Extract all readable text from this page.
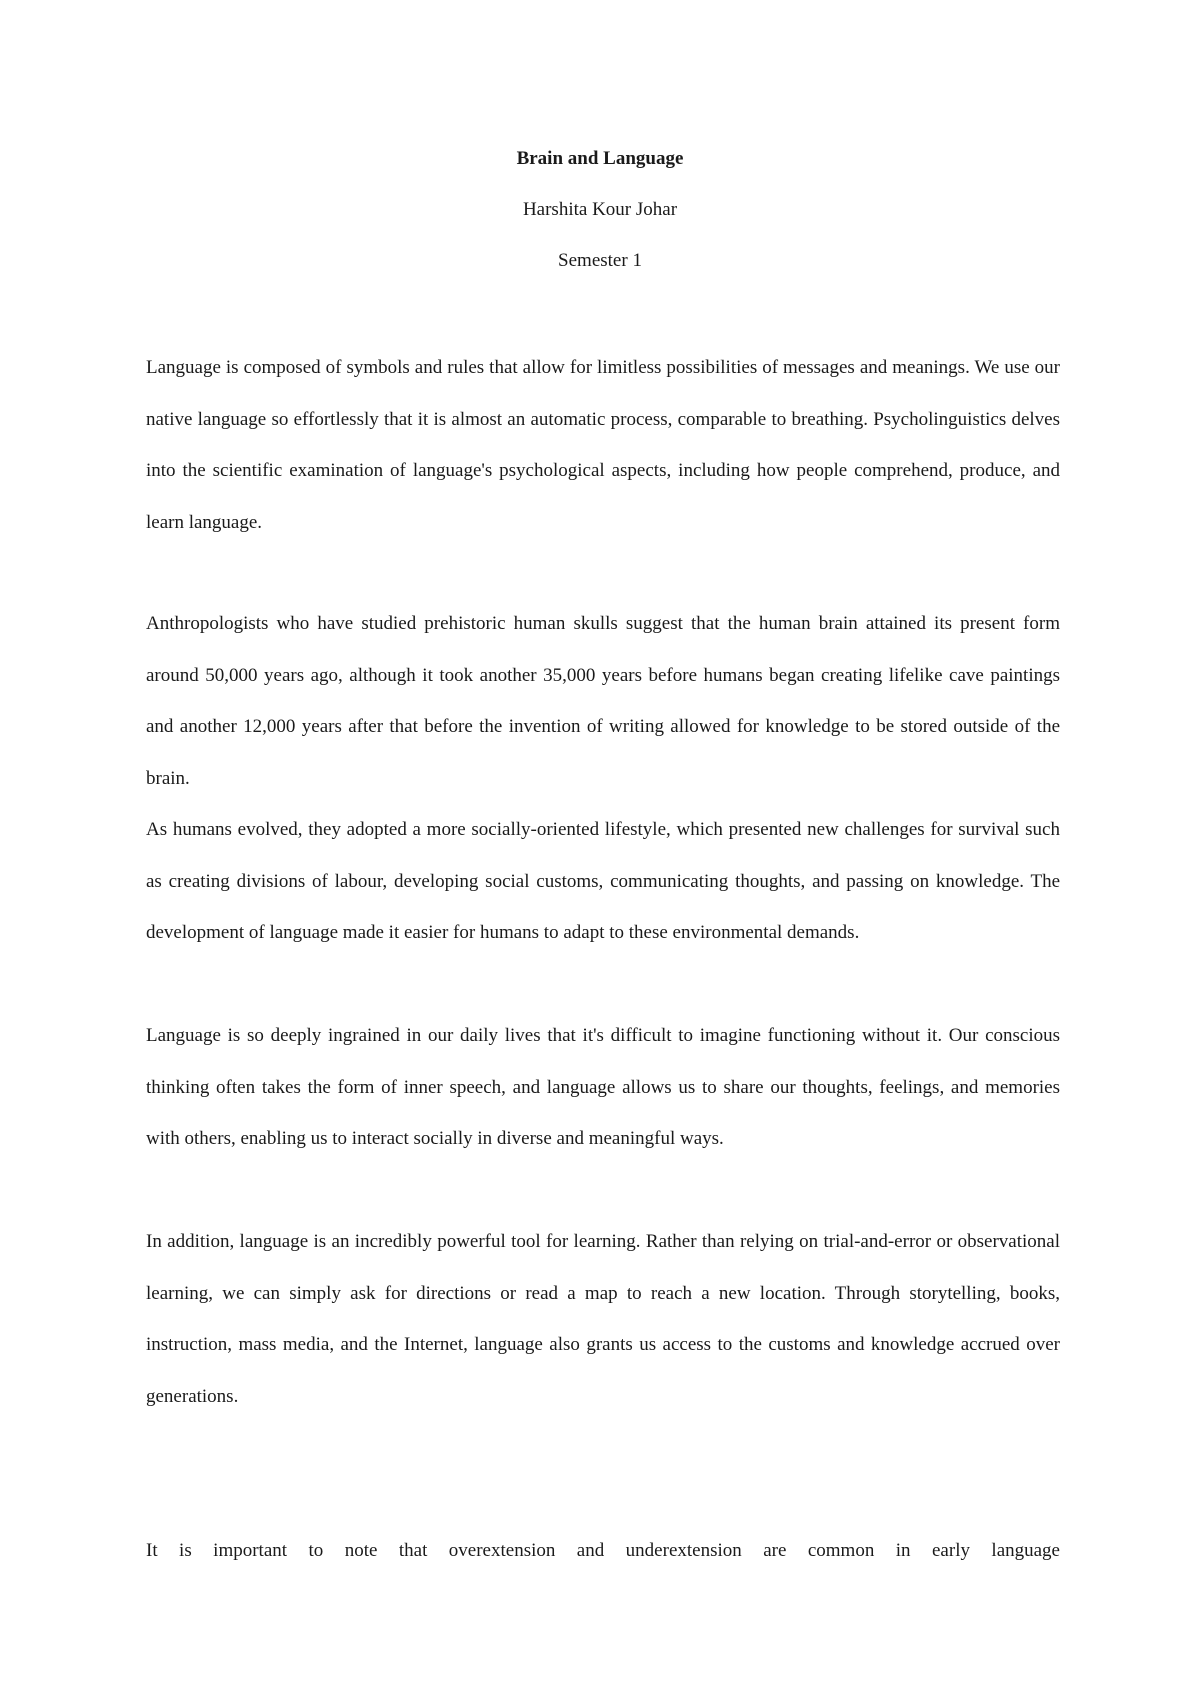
Brain and Language
Harshita Kour Johar
Semester 1

Language is composed of symbols and rules that allow for limitless possibilities of messages and meanings. We use our native language so effortlessly that it is almost an automatic process, comparable to breathing. Psycholinguistics delves into the scientific examination of language's psychological aspects, including how people comprehend, produce, and learn language.

Anthropologists who have studied prehistoric human skulls suggest that the human brain attained its present form around 50,000 years ago, although it took another 35,000 years before humans began creating lifelike cave paintings and another 12,000 years after that before the invention of writing allowed for knowledge to be stored outside of the brain.

As humans evolved, they adopted a more socially-oriented lifestyle, which presented new challenges for survival such as creating divisions of labour, developing social customs, communicating thoughts, and passing on knowledge. The development of language made it easier for humans to adapt to these environmental demands.

Language is so deeply ingrained in our daily lives that it's difficult to imagine functioning without it. Our conscious thinking often takes the form of inner speech, and language allows us to share our thoughts, feelings, and memories with others, enabling us to interact socially in diverse and meaningful ways.

In addition, language is an incredibly powerful tool for learning. Rather than relying on trial-and-error or observational learning, we can simply ask for directions or read a map to reach a new location. Through storytelling, books, instruction, mass media, and the Internet, language also grants us access to the customs and knowledge accrued over generations.

It is important to note that overextension and underextension are common in early language
